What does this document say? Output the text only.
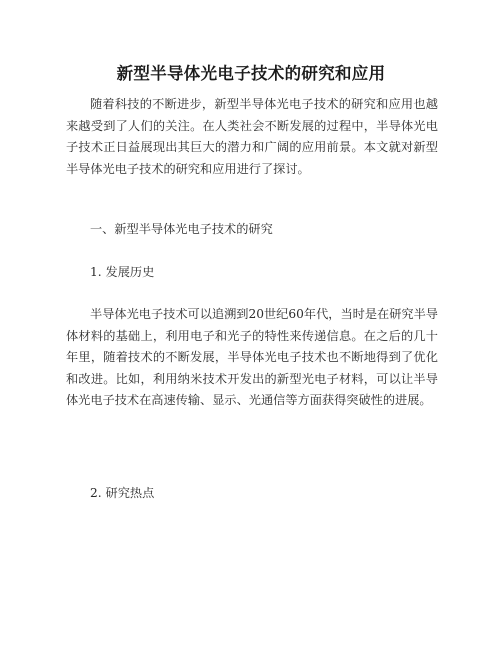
新型半导体光电子技术的研究和应用

随着科技的不断进步，新型半导体光电子技术的研究和应用也越来越受到了人们的关注。在人类社会不断发展的过程中，半导体光电子技术正日益展现出其巨大的潜力和广阔的应用前景。本文就对新型半导体光电子技术的研究和应用进行了探讨。

一、新型半导体光电子技术的研究

1. 发展历史

半导体光电子技术可以追溯到20世纪60年代，当时是在研究半导体材料的基础上，利用电子和光子的特性来传递信息。在之后的几十年里，随着技术的不断发展，半导体光电子技术也不断地得到了优化和改进。比如，利用纳米技术开发出的新型光电子材料，可以让半导体光电子技术在高速传输、显示、光通信等方面获得突破性的进展。

2. 研究热点
